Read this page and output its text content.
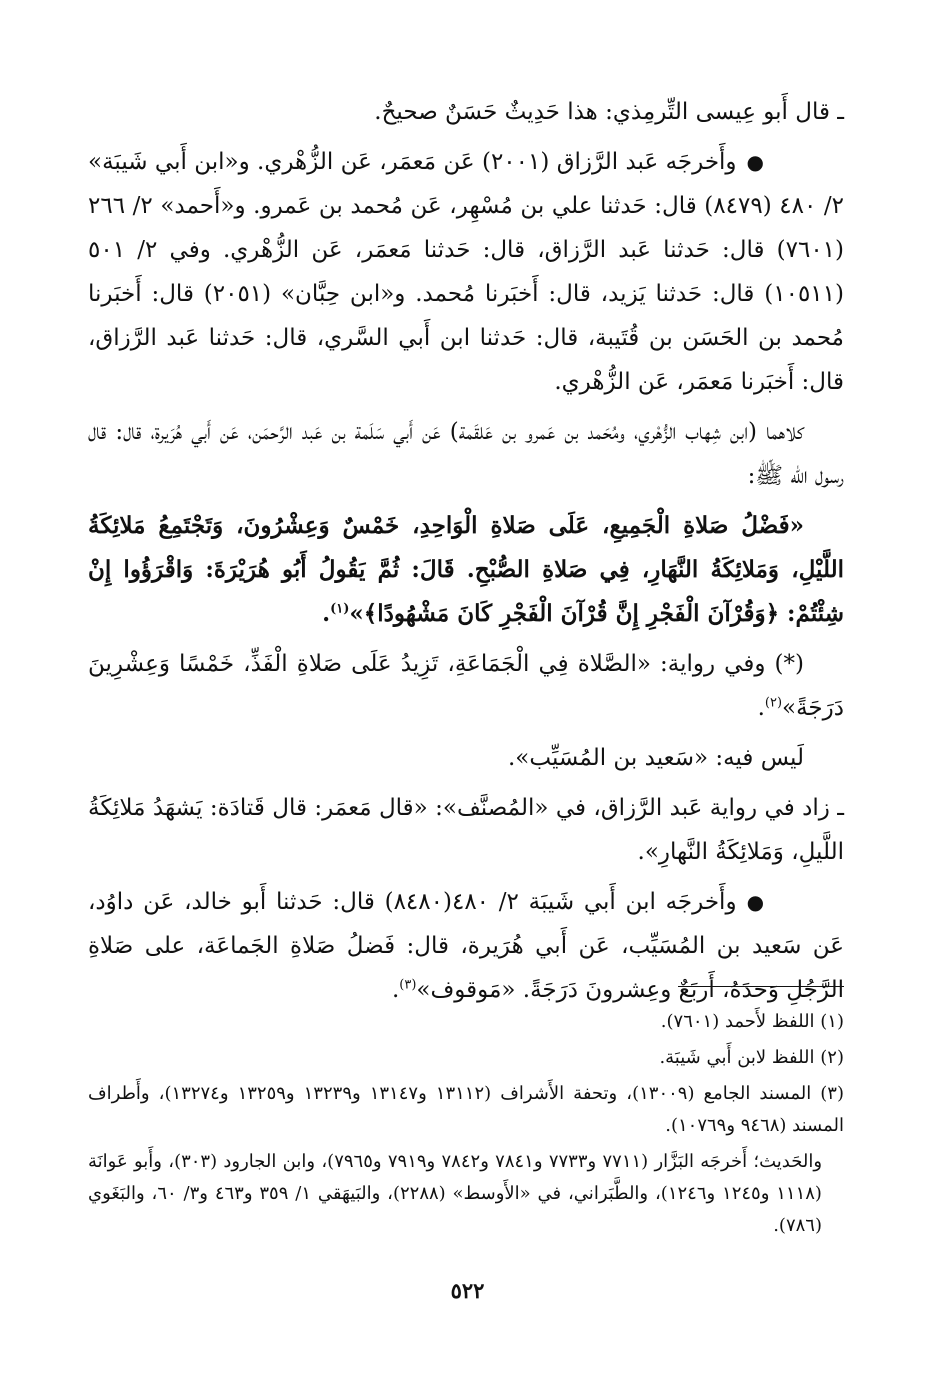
ـ قال أَبو عِيسى التِّرمِذي: هذا حَدِيثٌ حَسَنٌ صحيحٌ.

●وأَخرجَه عَبد الرَّزاق (٢٠٠١) عَن مَعمَر، عَن الزُّهْري. و«ابن أَبي شَيبَة» ٢/ ٤٨٠ (٨٤٧٩) قال: حَدثنا علي بن مُسْهِر، عَن مُحمد بن عَمرو. و«أَحمد» ٢/ ٢٦٦ (٧٦٠١) قال: حَدثنا عَبد الرَّزاق، قال: حَدثنا مَعمَر، عَن الزُّهْري. وفي ٢/ ٥٠١ (١٠٥١١) قال: حَدثنا يَزيد، قال: أَخبَرنا مُحمد. و«ابن حِبَّان» (٢٠٥١) قال: أَخبَرنا مُحمد بن الحَسَن بن قُتَيبة، قال: حَدثنا ابن أَبي السَّري، قال: حَدثنا عَبد الرَّزاق، قال: أَخبَرنا مَعمَر، عَن الزُّهْري.

كلاهما (ابن شِهاب الزُّهْري، ومُحَمد بن عَمرو بن عَلقَمة) عَن أَبي سَلَمة بن عَبد الرَّحمَن، عَن أَبي هُرَيرة، قال: قال رسول الله ﷺ:

«فَضْلُ صَلاةِ الْجَمِيعِ، عَلَى صَلاةِ الْوَاحِدِ، خَمْسٌ وَعِشْرُونَ، وَتَجْتَمِعُ مَلائِكَةُ اللَّيْلِ، وَمَلائِكَةُ النَّهَارِ، فِي صَلاةِ الصُّبْحِ. قَالَ: ثُمَّ يَقُولُ أَبُو هُرَيْرَةَ: وَاقْرَؤُوا إِنْ شِئْتُمْ: ﴿وَقُرْآنَ الْفَجْرِ إِنَّ قُرْآنَ الْفَجْرِ كَانَ مَشْهُودًا﴾»$^{(١)}$.

(*) وفي رواية: «الصَّلاة فِي الْجَمَاعَةِ، تَزِيدُ عَلَى صَلاةِ الْفَذِّ، خَمْسًا وَعِشْرِينَ دَرَجَةً»$^{(٢)}$.

لَيس فيه: «سَعيد بن المُسَيِّب».

ـ زاد في رواية عَبد الرَّزاق، في «المُصنَّف»: «قال مَعمَر: قال قَتادَة: يَشهَدُ مَلائِكَةُ اللَّيلِ، وَمَلائِكَةُ النَّهارِ».

●وأَخرجَه ابن أَبي شَيبَة ٢/ ٤٨٠(٨٤٨٠) قال: حَدثنا أَبو خالد، عَن داوُد، عَن سَعيد بن المُسَيِّب، عَن أَبي هُرَيرة، قال: فَضلُ صَلاةِ الجَماعَة، على صَلاةِ الرَّجُلِ وَحدَهُ، أَربَعٌ وعِشرونَ دَرَجَةً. «مَوقوف»$^{(٣)}$.

(١) اللفظ لأَحمد (٧٦٠١).

(٢) اللفظ لابن أَبي شَيبَة.

(٣) المسند الجامع (١٣٠٠٩)، وتحفة الأَشراف (١٣١١٢ و١٣١٤٧ و١٣٢٣٩ و١٣٢٥٩ و١٣٢٧٤)، وأَطراف المسند (٩٤٦٨ و١٠٧٦٩).

والحَديث؛ أَخرجَه البَزَّار (٧٧١١ و٧٧٣٣ و٧٨٤١ و٧٨٤٢ و٧٩١٩ و٧٩٦٥)، وابن الجارود (٣٠٣)، وأَبو عَوانَة (١١١٨ و١٢٤٥ و١٢٤٦)، والطَّبَراني، في «الأَوسط» (٢٢٨٨)، والبَيهَقي ١/ ٣٥٩ و٤٦٣ و٣/ ٦٠، والبَغَوي (٧٨٦).

٥٢٢
